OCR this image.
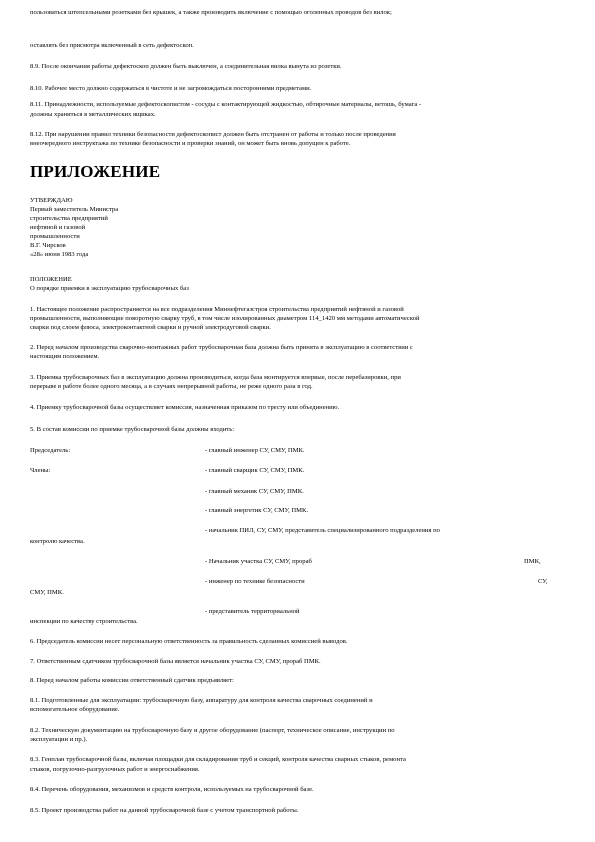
пользоваться штепсельными розетками без крышек, а также производить включение с помощью оголенных проводов без вилок;
оставлять без присмотра включенный в сеть дефектоскоп.
8.9. После окончания работы дефектоскоп должен быть выключен, а соединительная вилка вынута из розетки.
8.10. Рабочее место должно содержаться в чистоте и не загромождаться посторонними предметами.
8.11. Принадлежности, используемые дефектоскопистом - сосуды с контактирующей жидкостью, обтирочные материалы, ветошь, бумага -
должны храниться в металлических ящиках.
8.12. При нарушении правил техники безопасности дефектоскопист должен быть отстранен от работы и только после проведения
внеочередного инструктажа по технике безопасности и проверки знаний, он может быть вновь допущен к работе.
ПРИЛОЖЕНИЕ
УТВЕРЖДАЮ
Первый заместитель Министра
строительства предприятий
нефтяной и газовой
промышленности
В.Г. Чирсков
«28» июня 1983 года
ПОЛОЖЕНИЕ
О порядке приемки в эксплуатацию трубосварочных баз
1. Настоящее положение распространяется на все подразделения Миннефтегазстроя строительства предприятий нефтяной и газовой
промышленности, выполняющие поворотную сварку труб, в том числе изолированных диаметром 114_1420 мм методами автоматической
сварки под слоем флюса, электроконтактной сварки и ручной электродуговой сварки.
2. Перед началом производства сварочно-монтажных работ трубосварочная база должна быть принята в эксплуатацию в соответствии с
настоящим положением.
3. Приемка трубосварочных баз в эксплуатацию должна производиться, когда база монтируется впервые, после перебазировки, при
перерыве в работе более одного месяца, а в случаях непрерывной работы, не реже одного раза в год.
4. Приемку трубосварочной базы осуществляет комиссия, назначенная приказом по тресту или объединению.
5. В состав комиссии по приемке трубосварочной базы должны входить:
Председатель:	- главный инженер СУ, СМУ, ПМК.
Члены:	- главный сварщик СУ, СМУ, ПМК.
- главный механик СУ, СМУ, ПМК.
- главный энергетик СУ, СМУ, ПМК.
- начальник ПИЛ, СУ, СМУ, представитель специализированного подразделения по
контролю качества.
- Начальник участка СУ, СМУ, прораб	ПМК,
- инженер по технике безопасности	СУ,
СМУ, ПМК.
- представитель территориальной
инспекции по качеству строительства.
6. Председатель комиссии несет персональную ответственность за правильность сделанных комиссией выводов.
7. Ответственным сдатчиком трубосварочной базы является начальник участка СУ, СМУ, прораб ПМК.
8. Перед началом работы комиссии ответственный сдатчик предъявляет:
8.1. Подготовленные для эксплуатации: трубосварочную базу, аппаратуру для контроля качества сварочных соединений и
вспомогательное оборудование.
8.2. Техническую документацию на трубосварочную базу и другое оборудование (паспорт, техническое описание, инструкции по
эксплуатации и пр.).
8.3. Генплан трубосварочной базы, включая площадки для складирования труб и секций, контроля качества сварных стыков, ремонта
стыков, погрузочно-разгрузочных работ и энергоснабжения.
8.4. Перечень оборудования, механизмов и средств контроля, используемых на трубосварочной базе.
8.5. Проект производства работ на данной трубосварочной базе с учетом транспортной работы.
